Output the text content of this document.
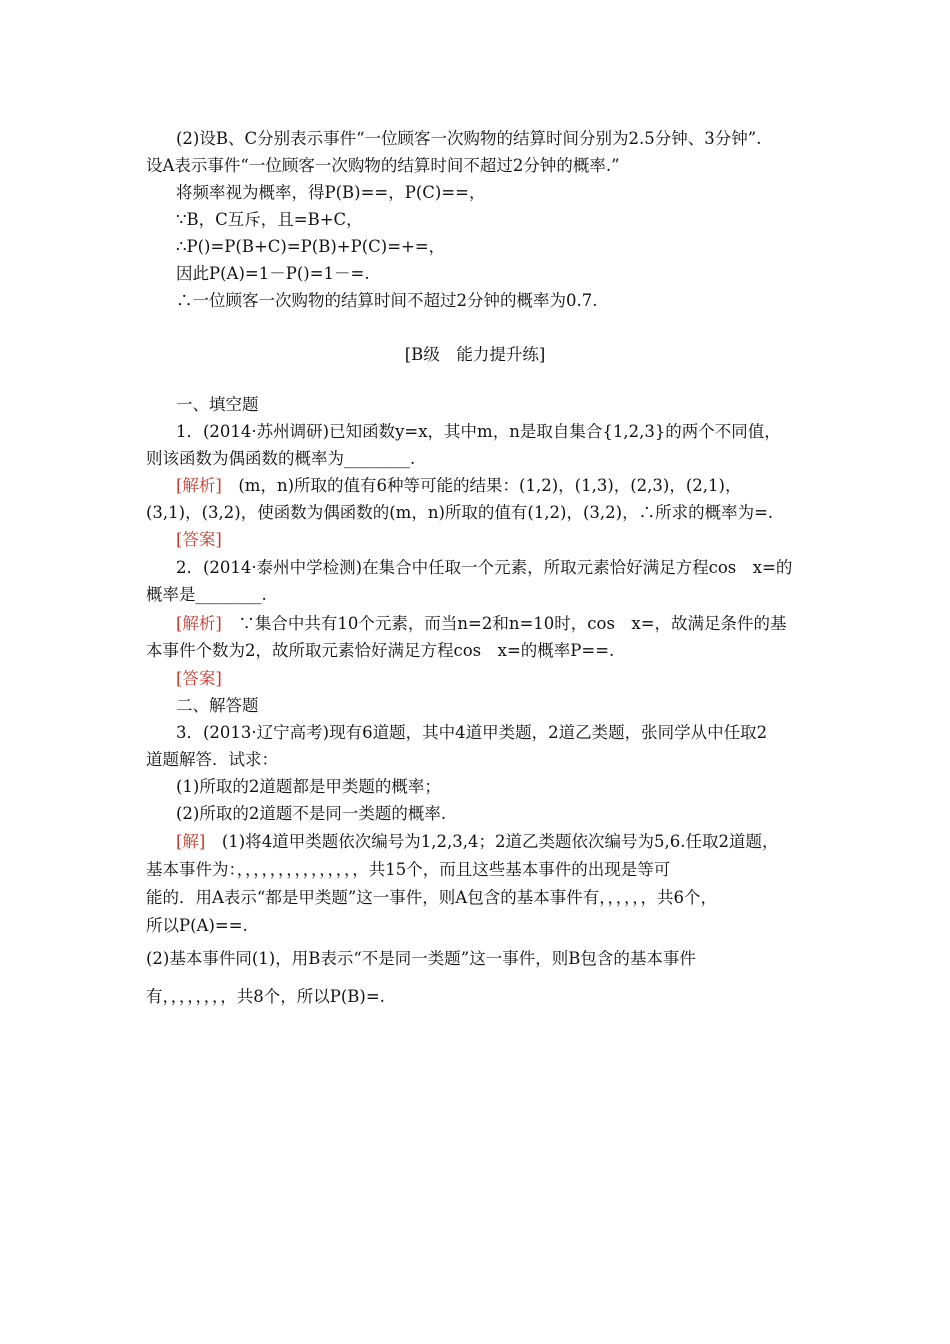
(2)设B、C分别表示事件“一位顾客一次购物的结算时间分别为2.5分钟、3分钟”.
设A表示事件“一位顾客一次购物的结算时间不超过2分钟的概率.”
将频率视为概率，得P(B)==，P(C)==，
∵B，C互斥，且=B+C，
∴P()=P(B+C)=P(B)+P(C)=+=，
因此P(A)=1－P()=1－=.
∴一位顾客一次购物的结算时间不超过2分钟的概率为0.7.
[B级　能力提升练]
一、填空题
1．(2014·苏州调研)已知函数y=x，其中m，n是取自集合{1,2,3}的两个不同值，
则该函数为偶函数的概率为________.
[解析]　 (m，n)所取的值有6种等可能的结果：(1,2)，(1,3)，(2,3)，(2,1)，
(3,1)，(3,2)，使函数为偶函数的(m，n)所取的值有(1,2)，(3,2)，∴所求的概率为=.
[答案]
2．(2014·泰州中学检测)在集合中任取一个元素，所取元素恰好满足方程cos　x=的
概率是________.
[解析]　 ∵集合中共有10个元素，而当n=2和n=10时，cos　x=，故满足条件的基
本事件个数为2，故所取元素恰好满足方程cos　x=的概率P==.
[答案]
二、解答题
3．(2013·辽宁高考)现有6道题，其中4道甲类题，2道乙类题，张同学从中任取2
道题解答．试求：
(1)所取的2道题都是甲类题的概率；
(2)所取的2道题不是同一类题的概率.
[解]　 (1)将4道甲类题依次编号为1,2,3,4；2道乙类题依次编号为5,6.任取2道题，
基本事件为：，，，，，，，，，，，，，，，共15个，而且这些基本事件的出现是等可
能的．用A表示“都是甲类题”这一事件，则A包含的基本事件有，，，，，，共6个，
所以P(A)==.
(2)基本事件同(1)，用B表示“不是同一类题”这一事件，则B包含的基本事件
有，，，，，，，，共8个，所以P(B)=.
